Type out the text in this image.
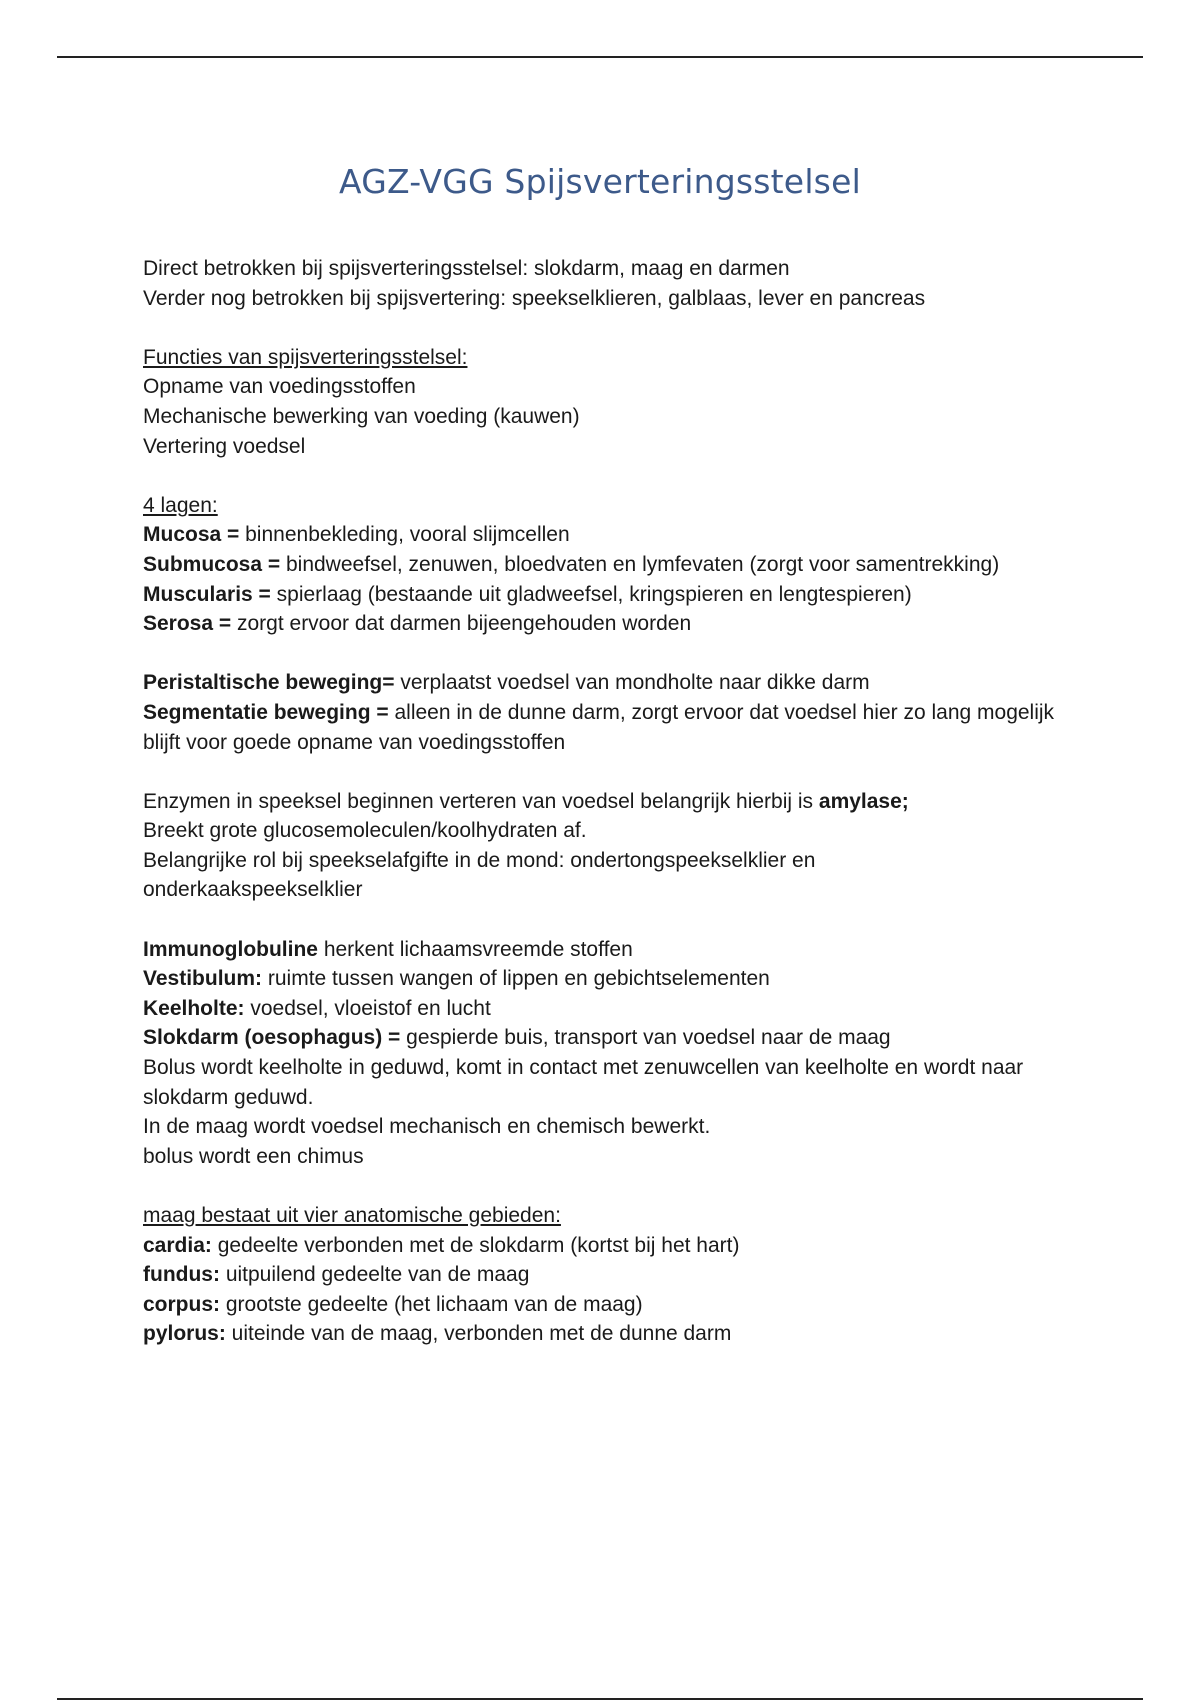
AGZ-VGG Spijsverteringsstelsel
Direct betrokken bij spijsverteringsstelsel: slokdarm, maag en darmen
Verder nog betrokken bij spijsvertering: speekselklieren, galblaas, lever en pancreas
Functies van spijsverteringsstelsel:
Opname van voedingsstoffen
Mechanische bewerking van voeding (kauwen)
Vertering voedsel
4 lagen:
Mucosa = binnenbekleding, vooral slijmcellen
Submucosa = bindweefsel, zenuwen, bloedvaten en lymfevaten (zorgt voor samentrekking)
Muscularis = spierlaag (bestaande uit gladweefsel, kringspieren en lengtespieren)
Serosa = zorgt ervoor dat darmen bijeengehouden worden
Peristaltische beweging= verplaatst voedsel van mondholte naar dikke darm
Segmentatie beweging = alleen in de dunne darm, zorgt ervoor dat voedsel hier zo lang mogelijk blijft voor goede opname van voedingsstoffen
Enzymen in speeksel beginnen verteren van voedsel belangrijk hierbij is amylase;
Breekt grote glucosemoleculen/koolhydraten af.
Belangrijke rol bij speekselafgifte in de mond: ondertongspeekselklier en onderkaakspeekselklier
Immunoglobuline herkent lichaamsvreemde stoffen
Vestibulum: ruimte tussen wangen of lippen en gebichtselementen
Keelholte: voedsel, vloeistof en lucht
Slokdarm (oesophagus) = gespierde buis, transport van voedsel naar de maag
Bolus wordt keelholte in geduwd, komt in contact met zenuwcellen van keelholte en wordt naar slokdarm geduwd.
In de maag wordt voedsel mechanisch en chemisch bewerkt.
bolus wordt een chimus
maag bestaat uit vier anatomische gebieden:
cardia: gedeelte verbonden met de slokdarm (kortst bij het hart)
fundus: uitpuilend gedeelte van de maag
corpus: grootste gedeelte (het lichaam van de maag)
pylorus: uiteinde van de maag, verbonden met de dunne darm
